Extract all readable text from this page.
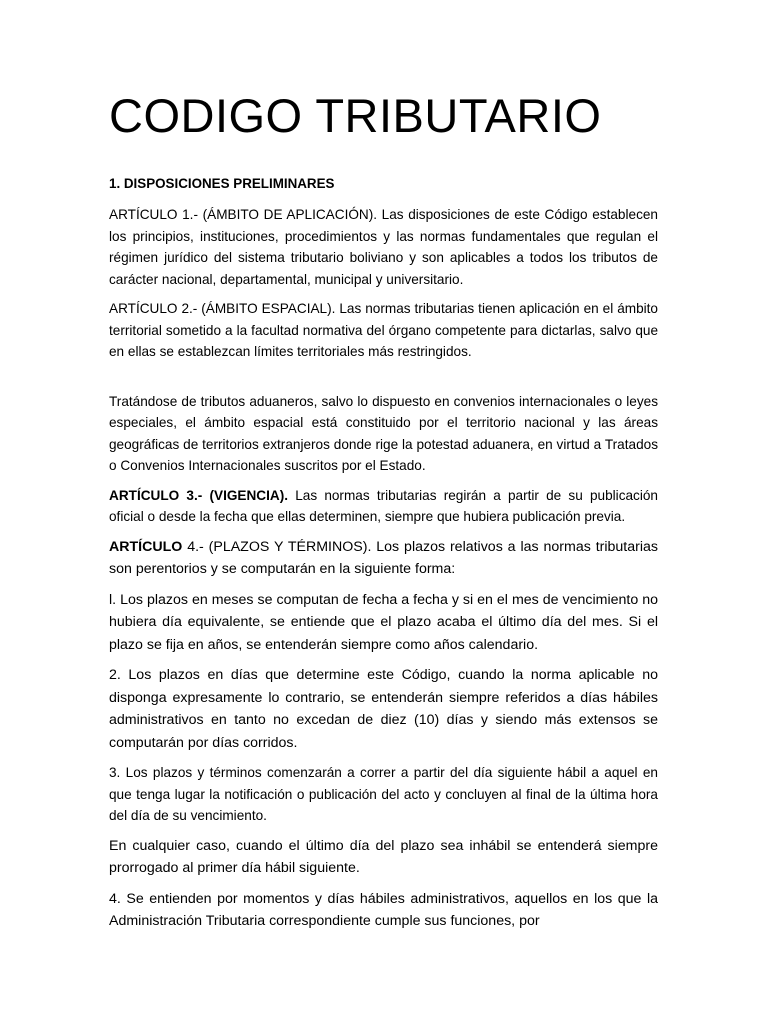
CODIGO TRIBUTARIO
1. DISPOSICIONES PRELIMINARES

ARTÍCULO 1.- (ÁMBITO DE APLICACIÓN). Las disposiciones de este Código establecen los principios, instituciones, procedimientos y las normas fundamentales que regulan el régimen jurídico del sistema tributario boliviano y son aplicables a todos los tributos de carácter nacional, departamental, municipal y universitario.

ARTÍCULO 2.- (ÁMBITO ESPACIAL). Las normas tributarias tienen aplicación en el ámbito territorial sometido a la facultad normativa del órgano competente para dictarlas, salvo que en ellas se establezcan límites territoriales más restringidos.

Tratándose de tributos aduaneros, salvo lo dispuesto en convenios internacionales o leyes especiales, el ámbito espacial está constituido por el territorio nacional y las áreas geográficas de territorios extranjeros donde rige la potestad aduanera, en virtud a Tratados o Convenios Internacionales suscritos por el Estado.

ARTÍCULO 3.- (VIGENCIA). Las normas tributarias regirán a partir de su publicación oficial o desde la fecha que ellas determinen, siempre que hubiera publicación previa.

ARTÍCULO 4.- (PLAZOS Y TÉRMINOS). Los plazos relativos a las normas tributarias son perentorios y se computarán en la siguiente forma:

l. Los plazos en meses se computan de fecha a fecha y si en el mes de vencimiento no hubiera día equivalente, se entiende que el plazo acaba el último día del mes. Si el plazo se fija en años, se entenderán siempre como años calendario.

2. Los plazos en días que determine este Código, cuando la norma aplicable no disponga expresamente lo contrario, se entenderán siempre referidos a días hábiles administrativos en tanto no excedan de diez (10) días y siendo más extensos se computarán por días corridos.

3. Los plazos y términos comenzarán a correr a partir del día siguiente hábil a aquel en que tenga lugar la notificación o publicación del acto y concluyen al final de la última hora del día de su vencimiento.

En cualquier caso, cuando el último día del plazo sea inhábil se entenderá siempre prorrogado al primer día hábil siguiente.

4. Se entienden por momentos y días hábiles administrativos, aquellos en los que la Administración Tributaria correspondiente cumple sus funciones, por
